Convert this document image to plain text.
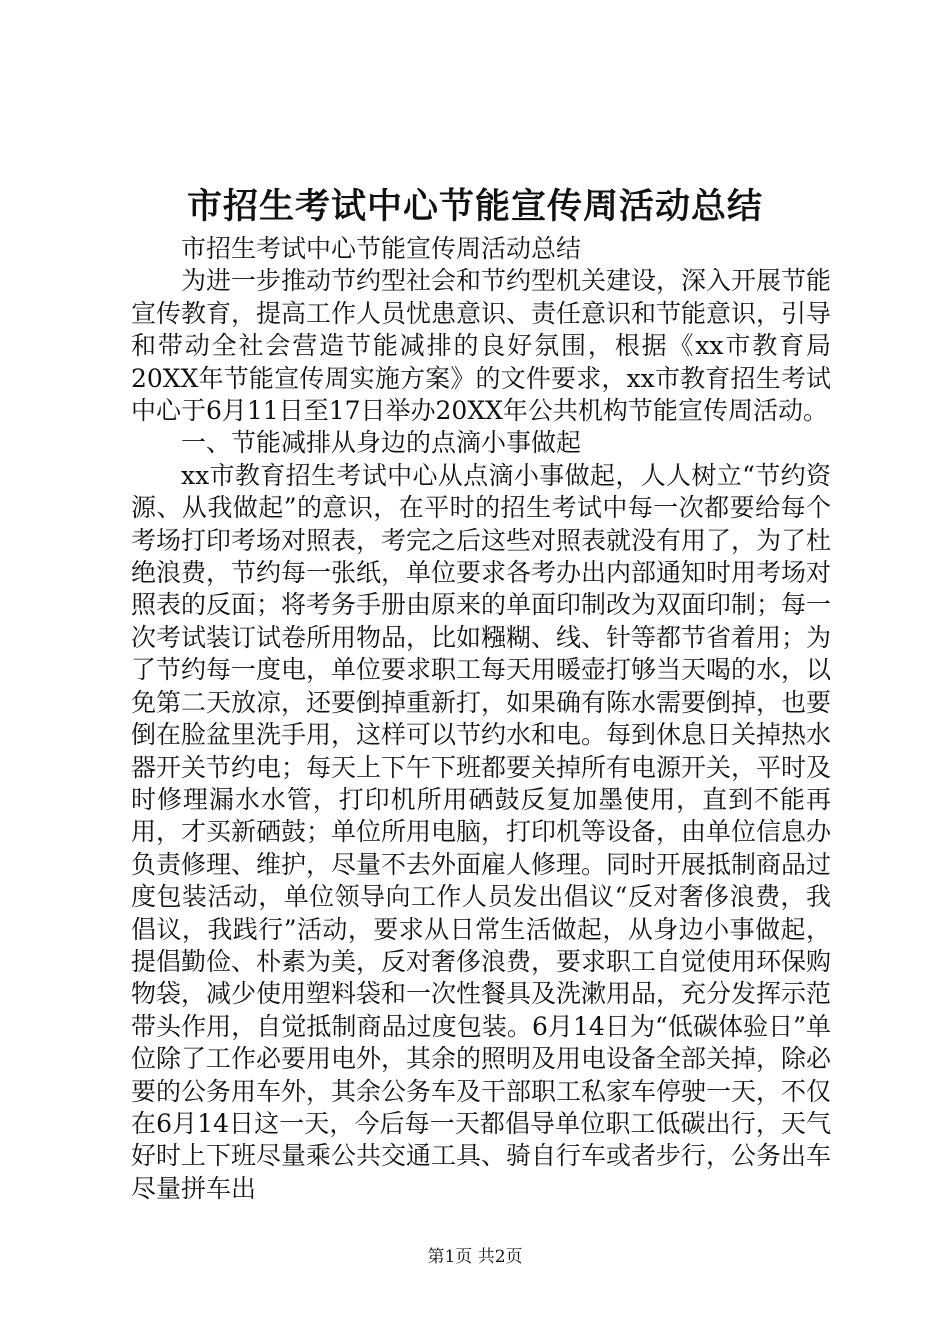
市招生考试中心节能宣传周活动总结

市招生考试中心节能宣传周活动总结

为进一步推动节约型社会和节约型机关建设，深入开展节能宣传教育，提高工作人员忧患意识、责任意识和节能意识，引导和带动全社会营造节能减排的良好氛围，根据《xx市教育局20XX年节能宣传周实施方案》的文件要求，xx市教育招生考试中心于6月11日至17日举办20XX年公共机构节能宣传周活动。

一、节能减排从身边的点滴小事做起

xx市教育招生考试中心从点滴小事做起，人人树立“节约资源、从我做起”的意识，在平时的招生考试中每一次都要给每个考场打印考场对照表，考完之后这些对照表就没有用了，为了杜绝浪费，节约每一张纸，单位要求各考办出内部通知时用考场对照表的反面；将考务手册由原来的单面印制改为双面印制；每一次考试装订试卷所用物品，比如糨糊、线、针等都节省着用；为了节约每一度电，单位要求职工每天用暖壶打够当天喝的水，以免第二天放凉，还要倒掉重新打，如果确有陈水需要倒掉，也要倒在脸盆里洗手用，这样可以节约水和电。每到休息日关掉热水器开关节约电；每天上下午下班都要关掉所有电源开关，平时及时修理漏水水管，打印机所用硒鼓反复加墨使用，直到不能再用，才买新硒鼓；单位所用电脑，打印机等设备，由单位信息办负责修理、维护，尽量不去外面雇人修理。同时开展抵制商品过度包装活动，单位领导向工作人员发出倡议“反对奢侈浪费，我倡议，我践行”活动，要求从日常生活做起，从身边小事做起，提倡勤俭、朴素为美，反对奢侈浪费，要求职工自觉使用环保购物袋，减少使用塑料袋和一次性餐具及洗漱用品，充分发挥示范带头作用，自觉抵制商品过度包装。6月14日为“低碳体验日”单位除了工作必要用电外，其余的照明及用电设备全部关掉，除必要的公务用车外，其余公务车及干部职工私家车停驶一天，不仅在6月14日这一天，今后每一天都倡导单位职工低碳出行，天气好时上下班尽量乘公共交通工具、骑自行车或者步行，公务出车尽量拼车出

第1页 共2页
